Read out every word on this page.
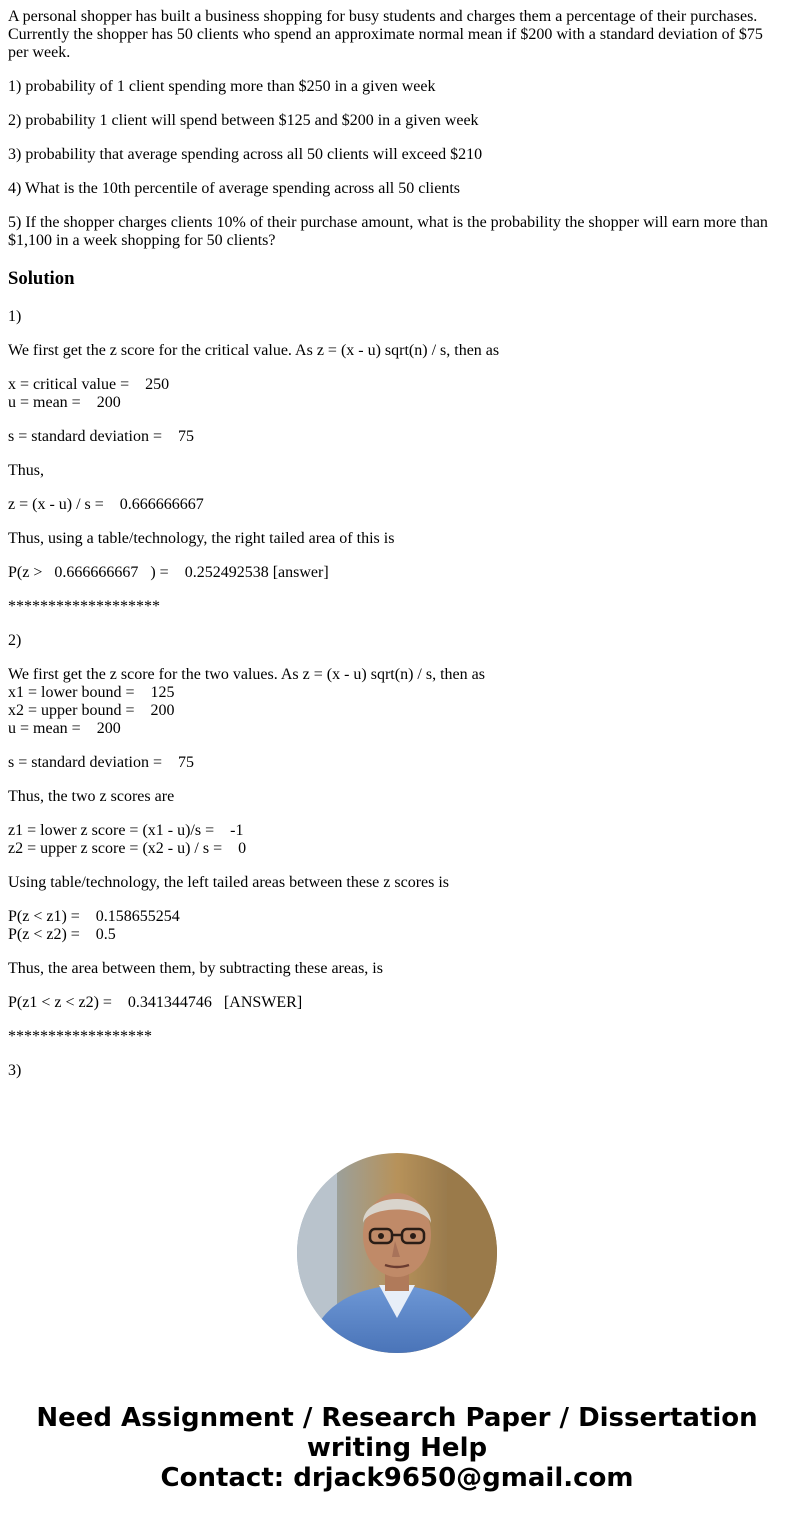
A personal shopper has built a business shopping for busy students and charges them a percentage of their purchases. Currently the shopper has 50 clients who spend an approximate normal mean if $200 with a standard deviation of $75 per week.

1) probability of 1 client spending more than $250 in a given week

2) probability 1 client will spend between $125 and $200 in a given week

3) probability that average spending across all 50 clients will exceed $210

4) What is the 10th percentile of average spending across all 50 clients

5) If the shopper charges clients 10% of their purchase amount, what is the probability the shopper will earn more than $1,100 in a week shopping for 50 clients?

Solution

1)

We first get the z score for the critical value. As z = (x - u) sqrt(n) / s, then as

x = critical value =    250
u = mean =    200

s = standard deviation =    75

Thus,

z = (x - u) / s =    0.666666667

Thus, using a table/technology, the right tailed area of this is

P(z >   0.666666667   ) =    0.252492538 [answer]

*******************

2)

We first get the z score for the two values. As z = (x - u) sqrt(n) / s, then as
x1 = lower bound =    125
x2 = upper bound =    200
u = mean =    200

s = standard deviation =    75

Thus, the two z scores are

z1 = lower z score = (x1 - u)/s =    -1
z2 = upper z score = (x2 - u) / s =    0

Using table/technology, the left tailed areas between these z scores is

P(z < z1) =    0.158655254
P(z < z2) =    0.5

Thus, the area between them, by subtracting these areas, is

P(z1 < z < z2) =    0.341344746   [ANSWER]

******************

3)

Need Assignment / Research Paper / Dissertation
writing Help
Contact: drjack9650@gmail.com
